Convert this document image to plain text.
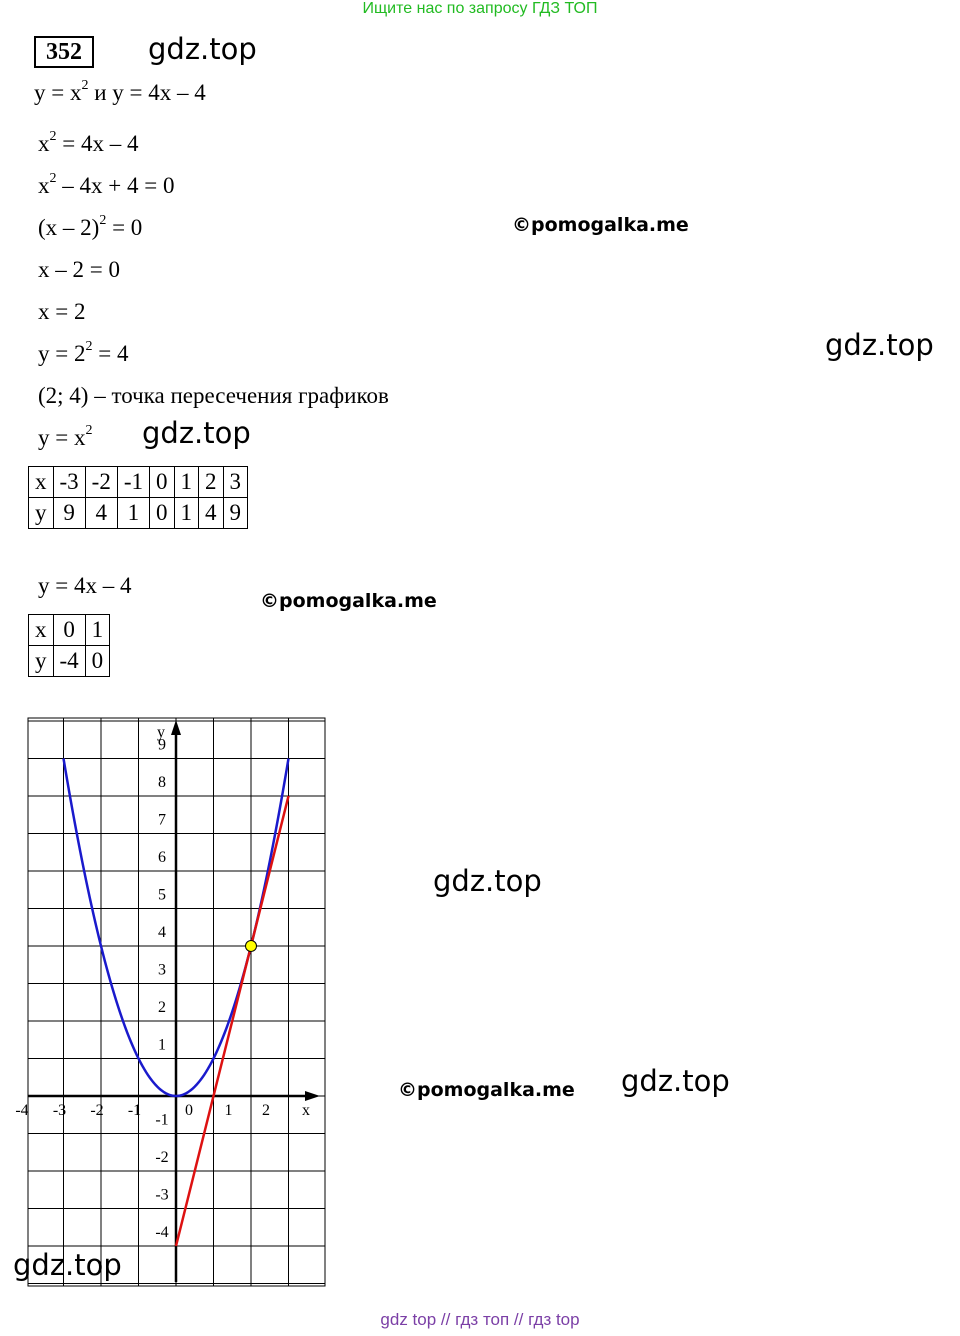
Ищите нас по запросу ГДЗ ТОП
352	gdz.top
$y = x^2$ и y = 4x – 4
$x^2 = 4x - 4$
$x^2 - 4x + 4 = 0$
(x – 2)$^2$ = 0
x – 2 = 0
x = 2
$y = 2^2 = 4$
(2; 4) – точка пересечения графиков
©pomogalka.me
gdz.top
$y = x^2$ gdz.top
x	-3	-2	-1	0	1	2	3
y	9	4	1	0	1	4	9
y = 4x – 4
©pomogalka.me
x	0	1
y	-4	0
x
y
-4 -3 -2 -1	0 1 2
9
8
7
6
5
4
3
2
1
-1
-2
-3
-4
gdz.top
gdz.top
©pomogalka.me
gdz.top
gdz top // гдз топ // гдз top
